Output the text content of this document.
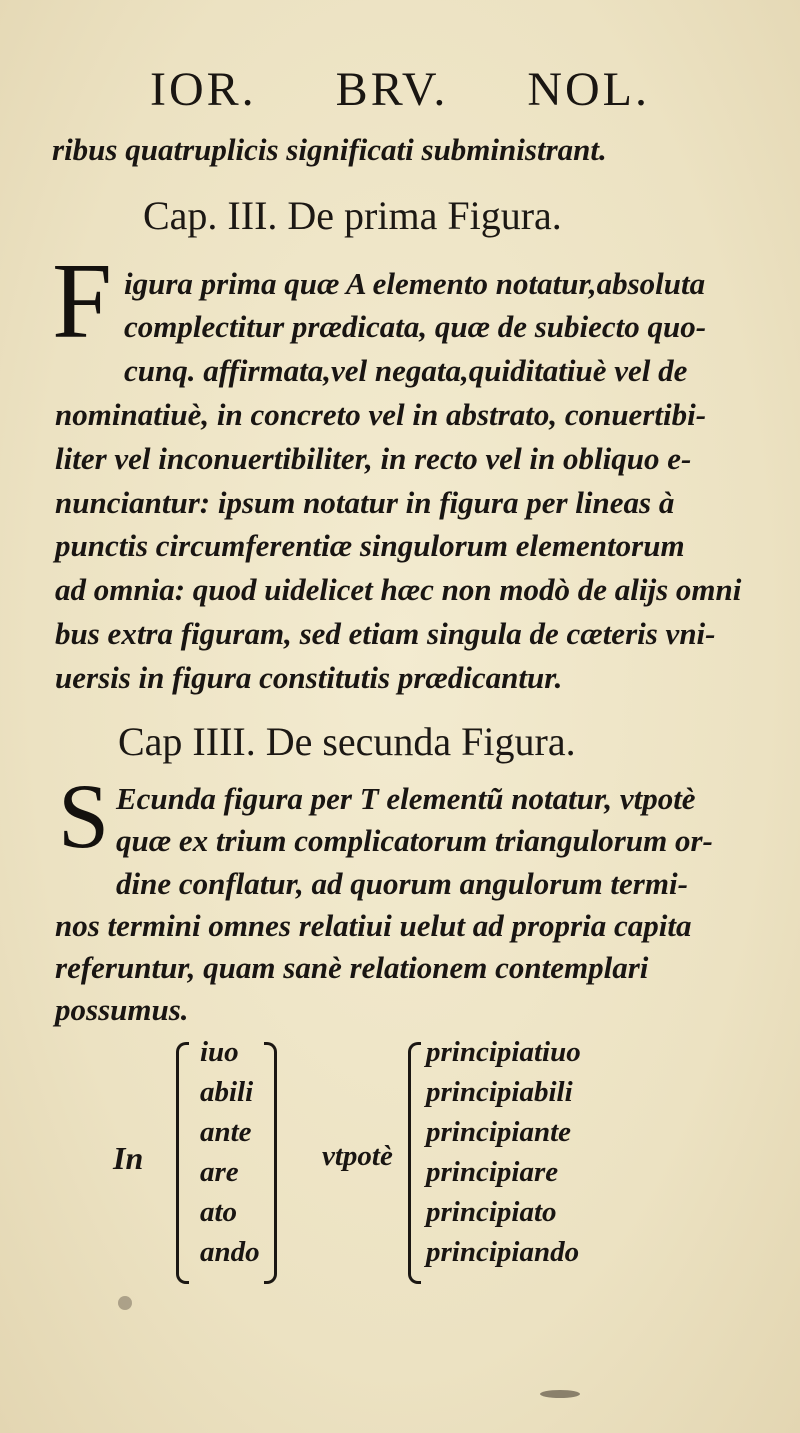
IOR. BRV. NOL.
ribus quatruplicis significati subministrant.
Cap. III. De prima Figura.
F igura prima quæ A elemento notatur,absoluta
complectitur prædicata, quæ de subiecto quo-
cunq. affirmata,vel negata,quiditatiuè vel de
nominatiuè, in concreto vel in abstrato, conuertibi-
liter vel inconuertibiliter, in recto vel in obliquo e-
nunciantur: ipsum notatur in figura per lineas à
punctis circumferentiæ singulorum elementorum
ad omnia: quod uidelicet hæc non modò de alijs omni
bus extra figuram, sed etiam singula de cæteris vni-
uersis in figura constitutis prædicantur.
Cap IIII. De secunda Figura.
S Ecunda figura per T elementũ notatur, vtpotè
quæ ex trium complicatorum triangulorum or-
dine conflatur, ad quorum angulorum termi-
nos termini omnes relatiui uelut ad propria capita
referuntur, quam sanè relationem contemplari
possumus.
In
iuo
abili
ante
are
ato
ando
vtpotè
principiatiuo
principiabili
principiante
principiare
principiato
principiando
